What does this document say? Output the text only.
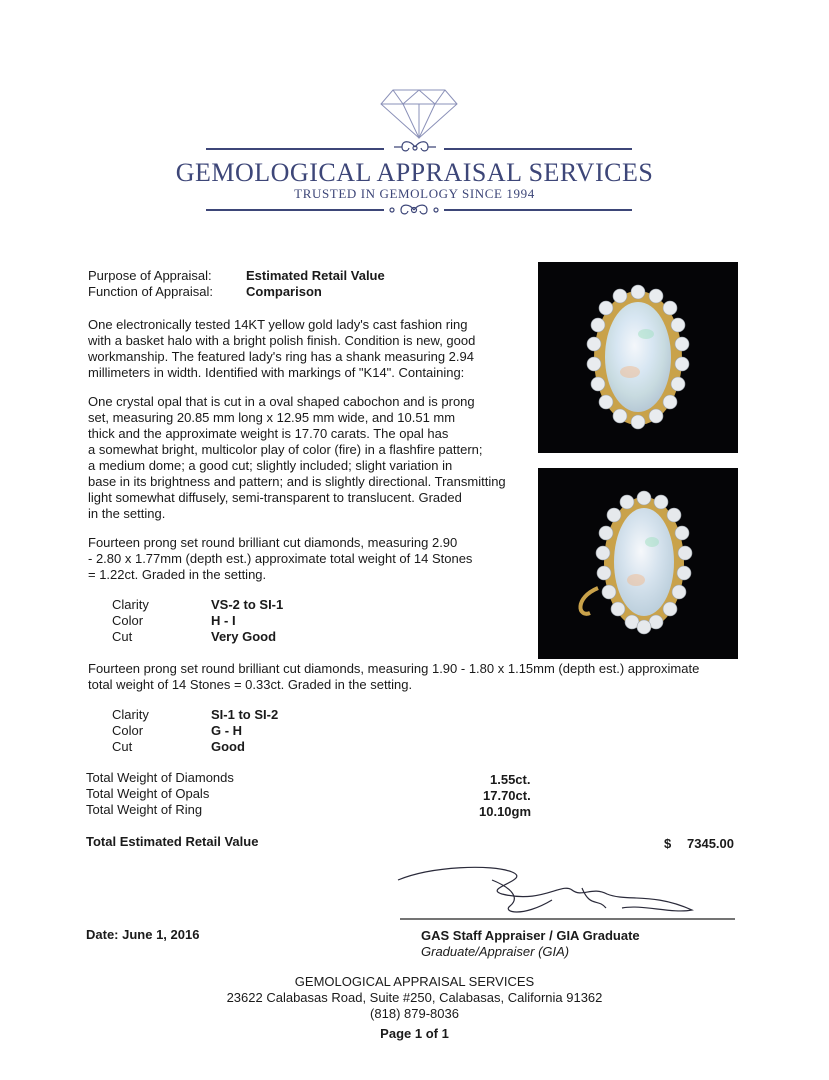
GEMOLOGICAL APPRAISAL SERVICES
TRUSTED IN GEMOLOGY SINCE 1994
Purpose of Appraisal:	Estimated Retail Value
Function of Appraisal:	Comparison
One electronically tested 14KT yellow gold lady's cast fashion ring
with a basket halo with a bright polish finish. Condition is new, good
workmanship. The featured lady's ring has a shank measuring 2.94
millimeters in width. Identified with markings of "K14". Containing:
One crystal opal that is cut in a oval shaped cabochon and is prong
set, measuring 20.85 mm long x 12.95 mm wide, and 10.51 mm
thick and the approximate weight is 17.70 carats. The opal has
a somewhat bright, multicolor play of color (fire) in a flashfire pattern;
a medium dome; a good cut; slightly included; slight variation in
base in its brightness and pattern; and is slightly directional. Transmitting
light somewhat diffusely, semi-transparent to translucent. Graded
in the setting.
Fourteen prong set round brilliant cut diamonds, measuring 2.90
- 2.80 x 1.77mm (depth est.) approximate total weight of 14 Stones
= 1.22ct. Graded in the setting.
Clarity	VS-2 to SI-1
Color	H - I
Cut	Very Good
Fourteen prong set round brilliant cut diamonds, measuring 1.90 - 1.80 x 1.15mm (depth est.) approximate
total weight of 14 Stones = 0.33ct. Graded in the setting.
Clarity	SI-1 to SI-2
Color	G - H
Cut	Good
Total Weight of Diamonds	1.55ct.
Total Weight of Opals	17.70ct.
Total Weight of Ring	10.10gm
Total Estimated Retail Value	$ 7345.00
GAS Staff Appraiser / GIA Graduate
Graduate/Appraiser (GIA)
Date: June 1, 2016
GEMOLOGICAL APPRAISAL SERVICES
23622 Calabasas Road, Suite #250, Calabasas, California 91362
(818) 879-8036
Page 1 of 1
